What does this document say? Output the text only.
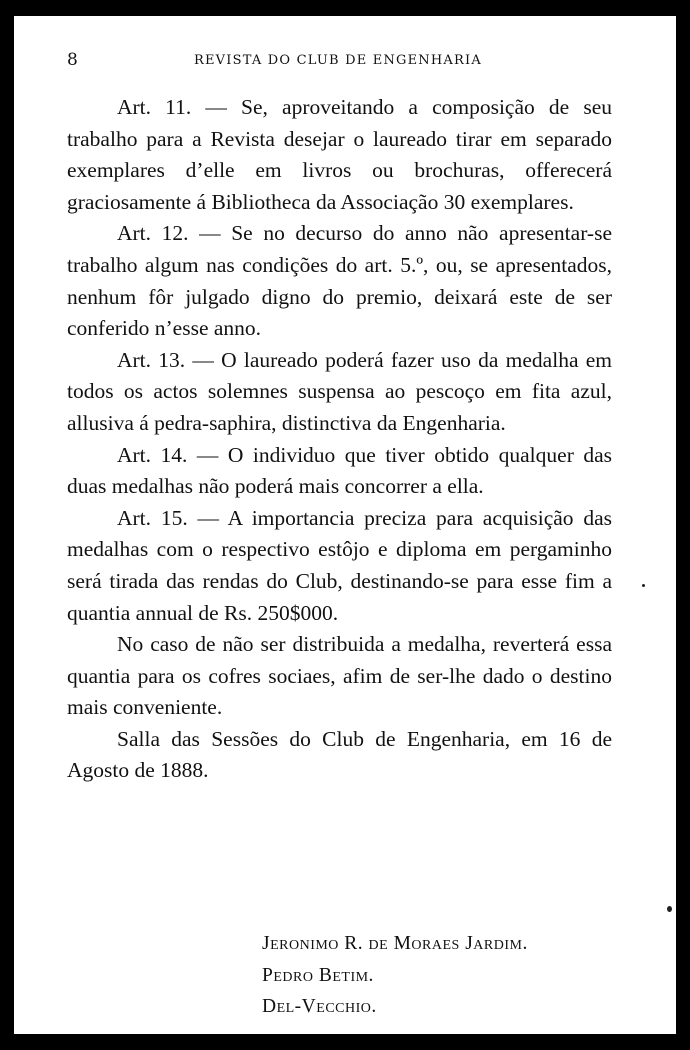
8	REVISTA DO CLUB DE ENGENHARIA

Art. 11. — Se, aproveitando a composição de seu trabalho para a Revista desejar o laureado tirar em separado exemplares d’elle em livros ou brochuras, offerecerá graciosamente á Bibliotheca da Associação 30 exemplares.

Art. 12. — Se no decurso do anno não apresentar-se trabalho algum nas condições do art. 5.º, ou, se apresentados, nenhum fôr julgado digno do premio, deixará este de ser conferido n’esse anno.

Art. 13. — O laureado poderá fazer uso da medalha em todos os actos solemnes suspensa ao pescoço em fita azul, allusiva á pedra-saphira, distinctiva da Engenharia.

Art. 14. — O individuo que tiver obtido qualquer das duas medalhas não poderá mais concorrer a ella.

Art. 15. — A importancia preciza para acquisição das medalhas com o respectivo estôjo e diploma em pergaminho será tirada das rendas do Club, destinando-se para esse fim a quantia annual de Rs. 250$000.

No caso de não ser distribuida a medalha, reverterá essa quantia para os cofres sociaes, afim de ser-lhe dado o destino mais conveniente.

Salla das Sessões do Club de Engenharia, em 16 de Agosto de 1888.

Jeronimo R. de Moraes Jardim.
Pedro Betim.
Del-Vecchio.
